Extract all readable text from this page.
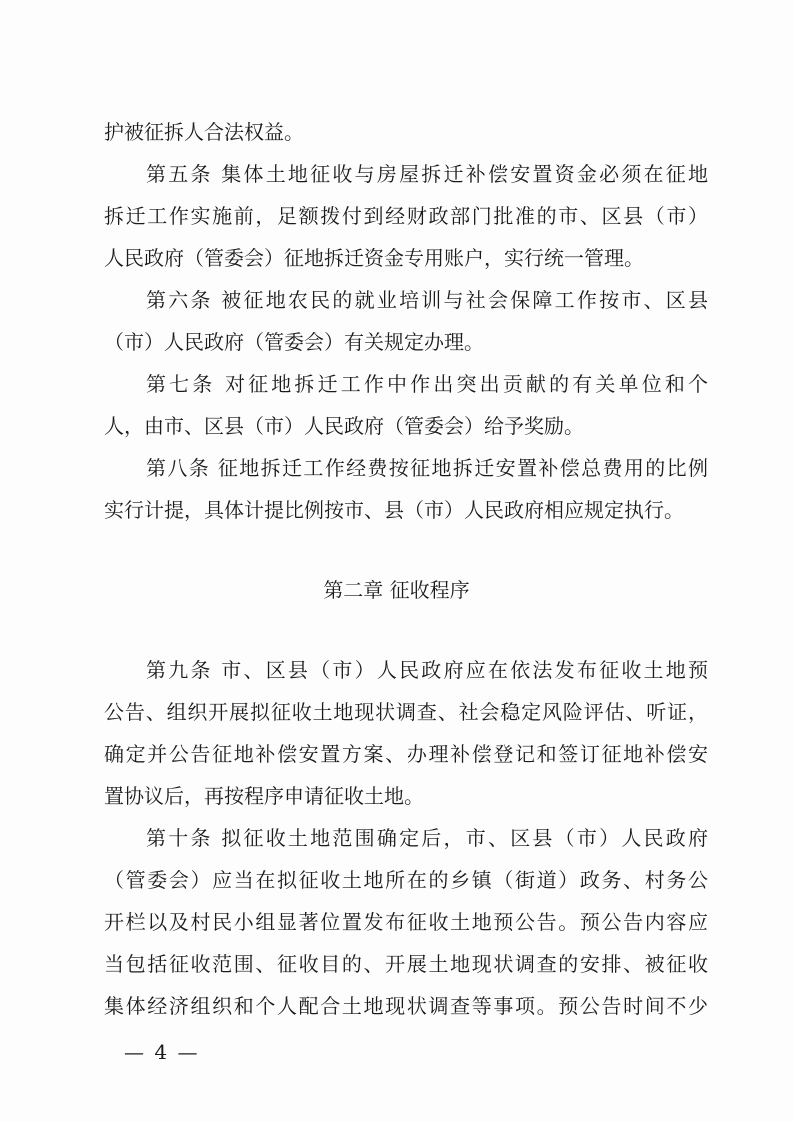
护被征拆人合法权益。
第五条 集体土地征收与房屋拆迁补偿安置资金必须在征地
拆迁工作实施前，足额拨付到经财政部门批准的市、区县（市）
人民政府（管委会）征地拆迁资金专用账户，实行统一管理。
第六条 被征地农民的就业培训与社会保障工作按市、区县
（市）人民政府（管委会）有关规定办理。
第七条 对征地拆迁工作中作出突出贡献的有关单位和个
人，由市、区县（市）人民政府（管委会）给予奖励。
第八条 征地拆迁工作经费按征地拆迁安置补偿总费用的比例
实行计提，具体计提比例按市、县（市）人民政府相应规定执行。
第二章 征收程序
第九条 市、区县（市）人民政府应在依法发布征收土地预
公告、组织开展拟征收土地现状调查、社会稳定风险评估、听证，
确定并公告征地补偿安置方案、办理补偿登记和签订征地补偿安
置协议后，再按程序申请征收土地。
第十条 拟征收土地范围确定后，市、区县（市）人民政府
（管委会）应当在拟征收土地所在的乡镇（街道）政务、村务公
开栏以及村民小组显著位置发布征收土地预公告。预公告内容应
当包括征收范围、征收目的、开展土地现状调查的安排、被征收
集体经济组织和个人配合土地现状调查等事项。预公告时间不少
— 4 —
